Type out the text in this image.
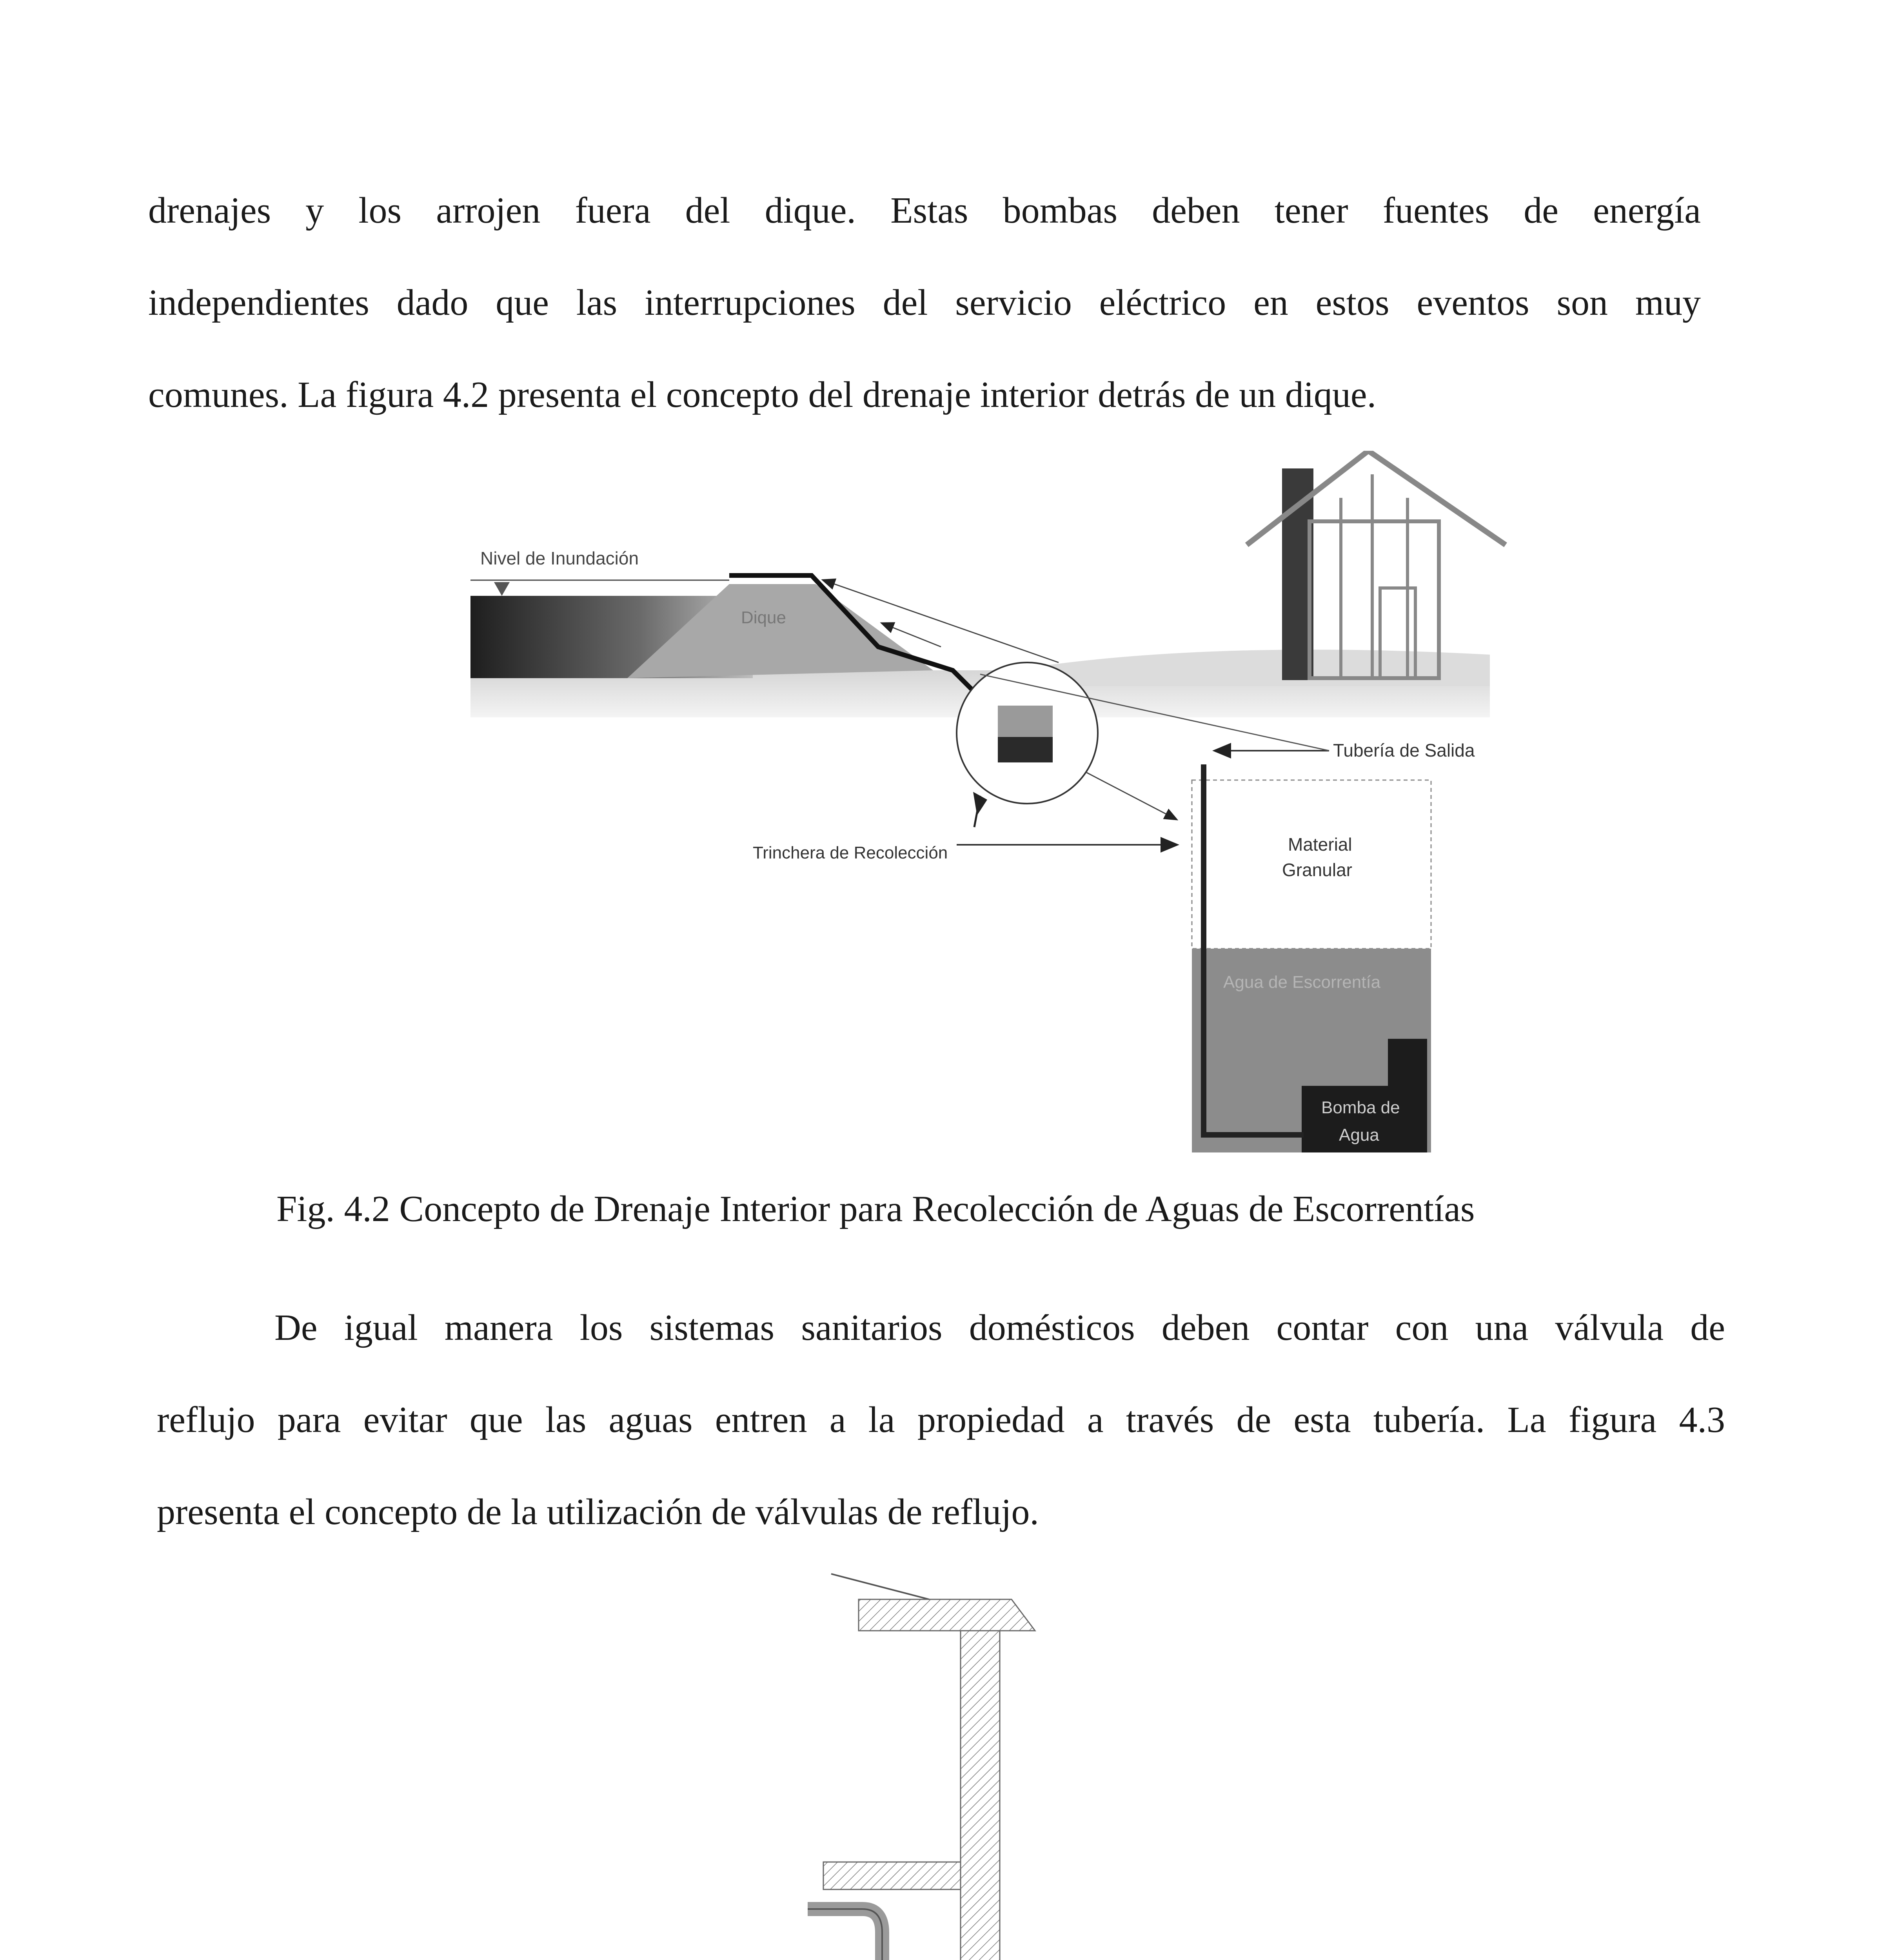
drenajes y los arrojen fuera del dique. Estas bombas deben tener fuentes de energía
independientes dado que las interrupciones del servicio eléctrico en estos eventos son muy
comunes. La figura 4.2 presenta el concepto del drenaje interior detrás de un dique.
Dique
Nivel de Inundación
Trinchera de Recolección
Agua de Escorrentía
Bomba de
Agua
Material
Granular
Tubería de Salida

Fig. 4.2 Concepto de Drenaje Interior para Recolección de Aguas de Escorrentías

De igual manera los sistemas sanitarios domésticos deben contar con una válvula de
reflujo para evitar que las aguas entren a la propiedad a través de esta tubería. La figura 4.3
presenta el concepto de la utilización de válvulas de reflujo.
